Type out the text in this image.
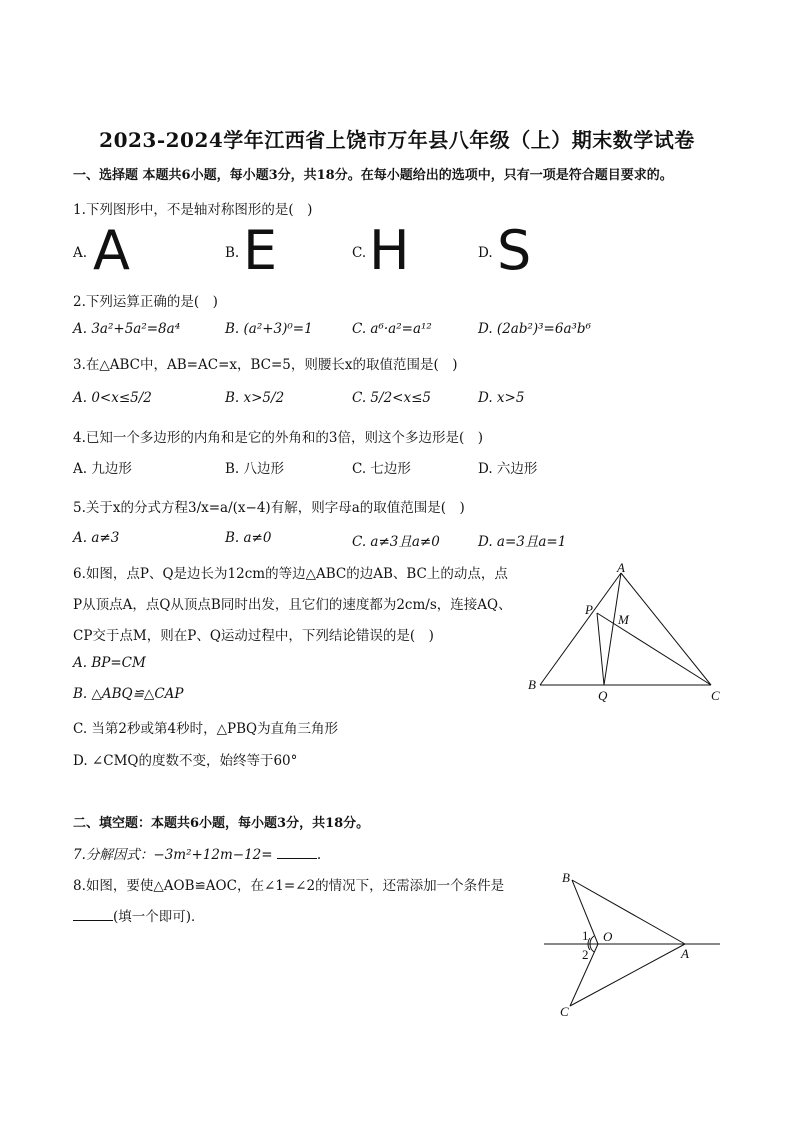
2023-2024学年江西省上饶市万年县八年级（上）期末数学试卷
一、选择题 本题共6小题，每小题3分，共18分。在每小题给出的选项中，只有一项是符合题目要求的。
1.下列图形中，不是轴对称图形的是(　)
A. A	B. E	C. H	D. S
2.下列运算正确的是(　)
A. 3a²+5a²=8a⁴	B. (a²+3)⁰=1	C. a⁶·a²=a¹²	D. (2ab²)³=6a³b⁶
3.在△ABC中，AB=AC=x，BC=5，则腰长x的取值范围是(　)
A. 0<x≤5/2	B. x>5/2	C. 5/2<x≤5	D. x>5
4.已知一个多边形的内角和是它的外角和的3倍，则这个多边形是(　)
A. 九边形	B. 八边形	C. 七边形	D. 六边形
5.关于x的分式方程3/x=a/(x−4)有解，则字母a的取值范围是(　)
A. a≠3	B. a≠0	C. a≠3且a≠0	D. a=3且a=1
6.如图，点P、Q是边长为12cm的等边△ABC的边AB、BC上的动点，点
P从顶点A，点Q从顶点B同时出发，且它们的速度都为2cm/s，连接AQ、
CP交于点M，则在P、Q运动过程中，下列结论错误的是(　)
A. BP=CM
B. △ABQ≌△CAP
C. 当第2秒或第4秒时，△PBQ为直角三角形
D. ∠CMQ的度数不变，始终等于60°
A
B
C
P
Q
M
二、填空题：本题共6小题，每小题3分，共18分。
7.分解因式：−3m²+12m−12=	.
8.如图，要使△AOB≌AOC，在∠1=∠2的情况下，还需添加一个条件是
(填一个即可)．
B
A
C
O
1
2
